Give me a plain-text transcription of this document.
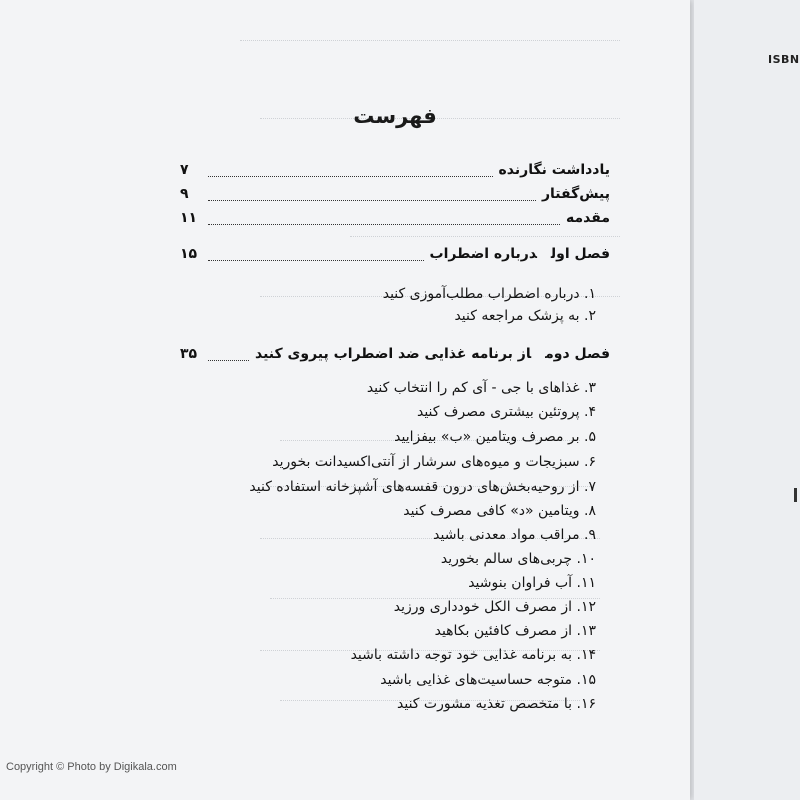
فهرست
یادداشت نگارنده
۷
پیش‌گفتار
۹
مقدمه
۱۱
فصل اولدرباره اضطراب
۱۵
۱. درباره اضطراب مطلب‌آموزی کنید
۲. به پزشک مراجعه کنید
فصل دوماز برنامه غذایی ضد اضطراب پیروی کنید
۳۵
۳. غذاهای با جی - آی کم را انتخاب کنید
۴. پروتئین بیشتری مصرف کنید
۵. بر مصرف ویتامین «ب» بیفزایید
۶. سبزیجات و میوه‌های سرشار از آنتی‌اکسیدانت بخورید
۷. از روحیه‌بخش‌های درون قفسه‌های آشپزخانه استفاده کنید
۸. ویتامین «د» کافی مصرف کنید
۹. مراقب مواد معدنی باشید
۱۰. چربی‌های سالم بخورید
۱۱. آب فراوان بنوشید
۱۲. از مصرف الکل خودداری ورزید
۱۳. از مصرف کافئین بکاهید
۱۴. به برنامه غذایی خود توجه داشته باشید
۱۵. متوجه حساسیت‌های غذایی باشید
۱۶. با متخصص تغذیه مشورت کنید
ISBN
Copyright © Photo by Digikala.com
